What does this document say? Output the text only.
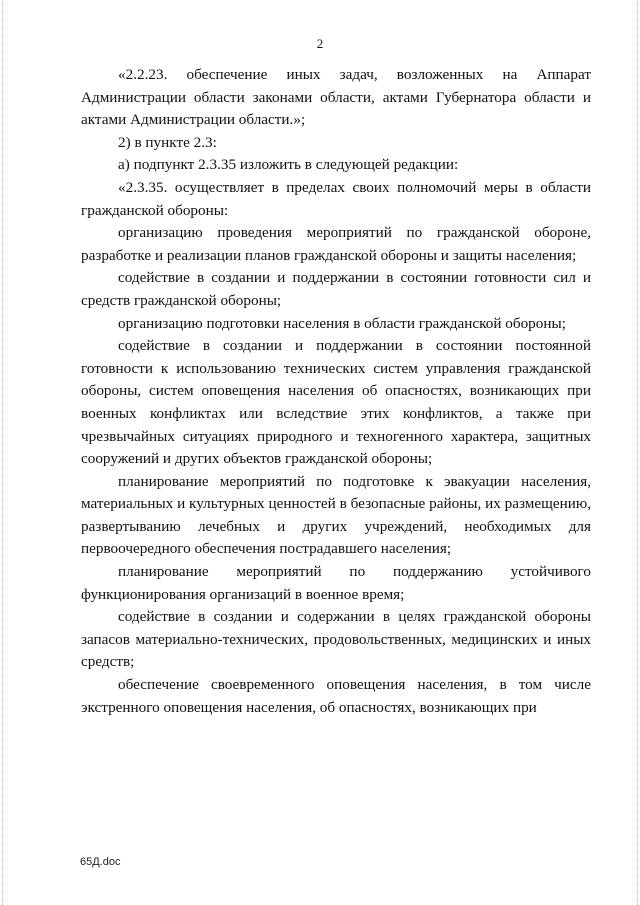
2

«2.2.23. обеспечение иных задач, возложенных на Аппарат Администрации области законами области, актами Губернатора области и актами Администрации области.»;

2) в пункте 2.3:

а) подпункт 2.3.35 изложить в следующей редакции:

«2.3.35. осуществляет в пределах своих полномочий меры в области гражданской обороны:

организацию проведения мероприятий по гражданской обороне, разработке и реализации планов гражданской обороны и защиты населения;

содействие в создании и поддержании в состоянии готовности сил и средств гражданской обороны;

организацию подготовки населения в области гражданской обороны;

содействие в создании и поддержании в состоянии постоянной готовности к использованию технических систем управления гражданской обороны, систем оповещения населения об опасностях, возникающих при военных конфликтах или вследствие этих конфликтов, а также при чрезвычайных ситуациях природного и техногенного характера, защитных сооружений и других объектов гражданской обороны;

планирование мероприятий по подготовке к эвакуации населения, материальных и культурных ценностей в безопасные районы, их размещению, развертыванию лечебных и других учреждений, необходимых для первоочередного обеспечения пострадавшего населения;

планирование мероприятий по поддержанию устойчивого функционирования организаций в военное время;

содействие в создании и содержании в целях гражданской обороны запасов материально-технических, продовольственных, медицинских и иных средств;

обеспечение своевременного оповещения населения, в том числе экстренного оповещения населения, об опасностях, возникающих при

65Д.doc
